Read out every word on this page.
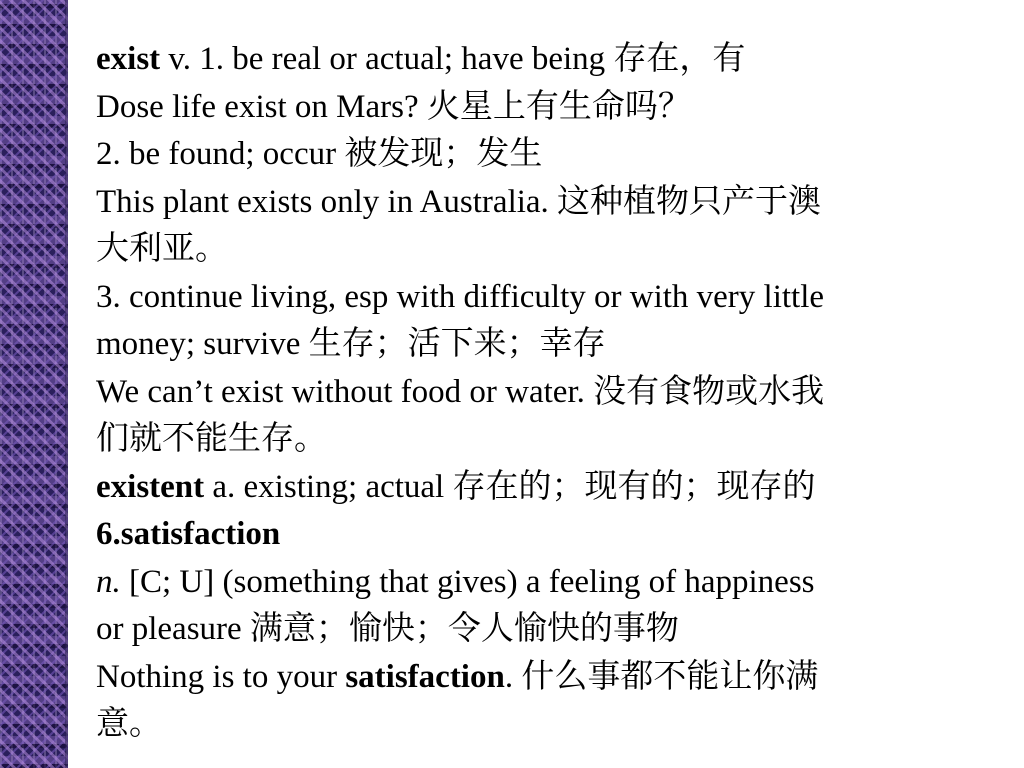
exist v. 1. be real or actual; have being 存在，有

Dose life exist on Mars? 火星上有生命吗？

2. be found; occur 被发现；发生

This plant exists only in Australia. 这种植物只产于澳

大利亚。

3. continue living, esp with difficulty or with very little

money; survive 生存；活下来；幸存

We can’t exist without food or water. 没有食物或水我

们就不能生存。

existent a. existing; actual 存在的；现有的；现存的

6.satisfaction

n. [C; U] (something that gives) a feeling of happiness

or pleasure 满意；愉快；令人愉快的事物

Nothing is to your satisfaction. 什么事都不能让你满

意。
